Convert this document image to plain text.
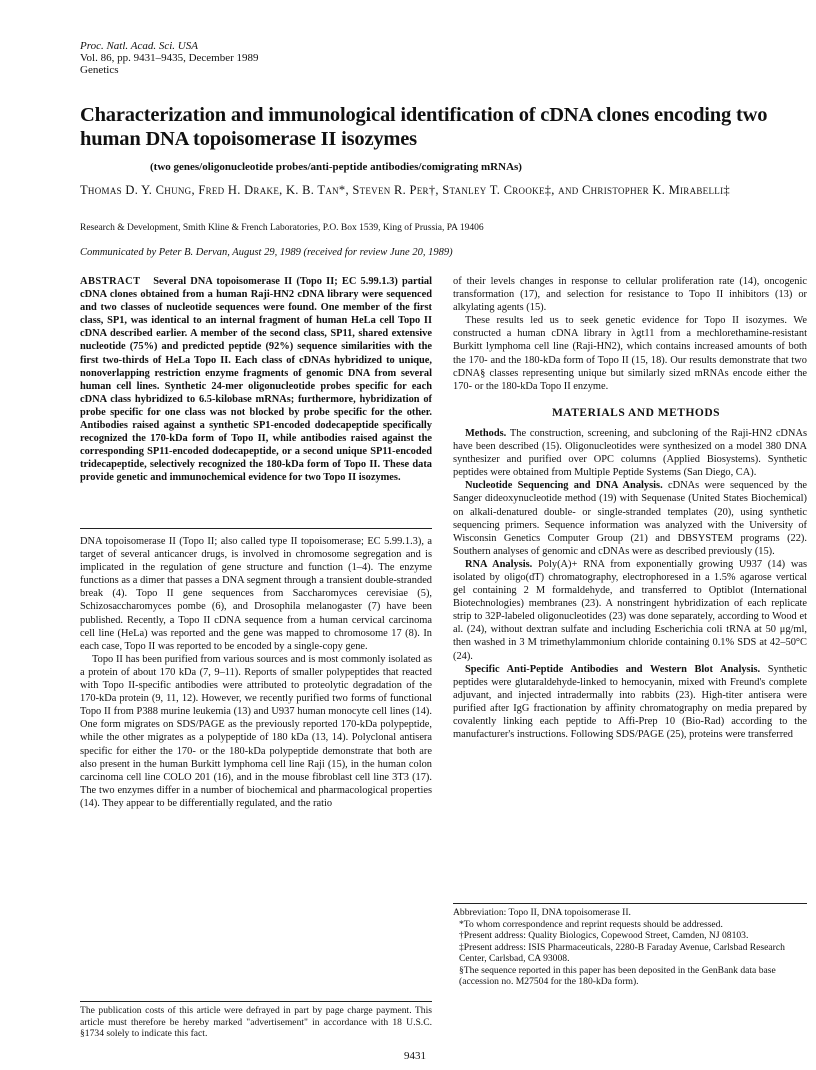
Proc. Natl. Acad. Sci. USA
Vol. 86, pp. 9431–9435, December 1989
Genetics
Characterization and immunological identification of cDNA clones encoding two human DNA topoisomerase II isozymes
(two genes/oligonucleotide probes/anti-peptide antibodies/comigrating mRNAs)
Thomas D. Y. Chung, Fred H. Drake, K. B. Tan*, Steven R. Per†, Stanley T. Crooke‡, and Christopher K. Mirabelli‡
Research & Development, Smith Kline & French Laboratories, P.O. Box 1539, King of Prussia, PA 19406
Communicated by Peter B. Dervan, August 29, 1989 (received for review June 20, 1989)
ABSTRACT Several DNA topoisomerase II (Topo II; EC 5.99.1.3) partial cDNA clones obtained from a human Raji-HN2 cDNA library were sequenced and two classes of nucleotide sequences were found. One member of the first class, SP1, was identical to an internal fragment of human HeLa cell Topo II cDNA described earlier. A member of the second class, SP11, shared extensive nucleotide (75%) and predicted peptide (92%) sequence similarities with the first two-thirds of HeLa Topo II. Each class of cDNAs hybridized to unique, nonoverlapping restriction enzyme fragments of genomic DNA from several human cell lines. Synthetic 24-mer oligonucleotide probes specific for each cDNA class hybridized to 6.5-kilobase mRNAs; furthermore, hybridization of probe specific for one class was not blocked by probe specific for the other. Antibodies raised against a synthetic SP1-encoded dodecapeptide specifically recognized the 170-kDa form of Topo II, while antibodies raised against the corresponding SP11-encoded dodecapeptide, or a second unique SP11-encoded tridecapeptide, selectively recognized the 180-kDa form of Topo II. These data provide genetic and immunochemical evidence for two Topo II isozymes.

DNA topoisomerase II (Topo II; also called type II topoisomerase; EC 5.99.1.3), a target of several anticancer drugs, is involved in chromosome segregation and is implicated in the regulation of gene structure and function (1–4). The enzyme functions as a dimer that passes a DNA segment through a transient double-stranded break (4). Topo II gene sequences from Saccharomyces cerevisiae (5), Schizosaccharomyces pombe (6), and Drosophila melanogaster (7) have been published. Recently, a Topo II cDNA sequence from a human cervical carcinoma cell line (HeLa) was reported and the gene was mapped to chromosome 17 (8). In each case, Topo II was reported to be encoded by a single-copy gene.

Topo II has been purified from various sources and is most commonly isolated as a protein of about 170 kDa (7, 9–11). Reports of smaller polypeptides that reacted with Topo II-specific antibodies were attributed to proteolytic degradation of the 170-kDa protein (9, 11, 12). However, we recently purified two forms of functional Topo II from P388 murine leukemia (13) and U937 human monocyte cell lines (14). One form migrates on SDS/PAGE as the previously reported 170-kDa polypeptide, while the other migrates as a polypeptide of 180 kDa (13, 14). Polyclonal antisera specific for either the 170- or the 180-kDa polypeptide demonstrate that both are also present in the human Burkitt lymphoma cell line Raji (15), in the human colon carcinoma cell line COLO 201 (16), and in the mouse fibroblast cell line 3T3 (17). The two enzymes differ in a number of biochemical and pharmacological properties (14). They appear to be differentially regulated, and the ratio

The publication costs of this article were defrayed in part by page charge payment. This article must therefore be hereby marked "advertisement" in accordance with 18 U.S.C. §1734 solely to indicate this fact.

of their levels changes in response to cellular proliferation rate (14), oncogenic transformation (17), and selection for resistance to Topo II inhibitors (13) or alkylating agents (15).

These results led us to seek genetic evidence for Topo II isozymes. We constructed a human cDNA library in λgt11 from a mechlorethamine-resistant Burkitt lymphoma cell line (Raji-HN2), which contains increased amounts of both the 170- and the 180-kDa form of Topo II (15, 18). Our results demonstrate that two cDNA§ classes representing unique but similarly sized mRNAs encode either the 170- or the 180-kDa Topo II enzyme.

MATERIALS AND METHODS

Methods. The construction, screening, and subcloning of the Raji-HN2 cDNAs have been described (15). Oligonucleotides were synthesized on a model 380 DNA synthesizer and purified over OPC columns (Applied Biosystems). Synthetic peptides were obtained from Multiple Peptide Systems (San Diego, CA).

Nucleotide Sequencing and DNA Analysis. cDNAs were sequenced by the Sanger dideoxynucleotide method (19) with Sequenase (United States Biochemical) on alkali-denatured double- or single-stranded templates (20), using synthetic sequencing primers. Sequence information was analyzed with the University of Wisconsin Genetics Computer Group (21) and DBSYSTEM programs (22). Southern analyses of genomic and cDNAs were as described previously (15).

RNA Analysis. Poly(A)+ RNA from exponentially growing U937 (14) was isolated by oligo(dT) chromatography, electrophoresed in a 1.5% agarose vertical gel containing 2 M formaldehyde, and transferred to Optiblot (International Biotechnologies) membranes (23). A nonstringent hybridization of each replicate strip to 32P-labeled oligonucleotides (23) was done separately, according to Wood et al. (24), without dextran sulfate and including Escherichia coli tRNA at 50 μg/ml, then washed in 3 M trimethylammonium chloride containing 0.1% SDS at 42–50°C (24).

Specific Anti-Peptide Antibodies and Western Blot Analysis. Synthetic peptides were glutaraldehyde-linked to hemocyanin, mixed with Freund's complete adjuvant, and injected intradermally into rabbits (23). High-titer antisera were purified after IgG fractionation by affinity chromatography on media prepared by covalently linking each peptide to Affi-Prep 10 (Bio-Rad) according to the manufacturer's instructions. Following SDS/PAGE (25), proteins were transferred

Abbreviation: Topo II, DNA topoisomerase II.

*To whom correspondence and reprint requests should be addressed.

†Present address: Quality Biologics, Copewood Street, Camden, NJ 08103.

‡Present address: ISIS Pharmaceuticals, 2280-B Faraday Avenue, Carlsbad Research Center, Carlsbad, CA 93008.

§The sequence reported in this paper has been deposited in the GenBank data base (accession no. M27504 for the 180-kDa form).

9431
